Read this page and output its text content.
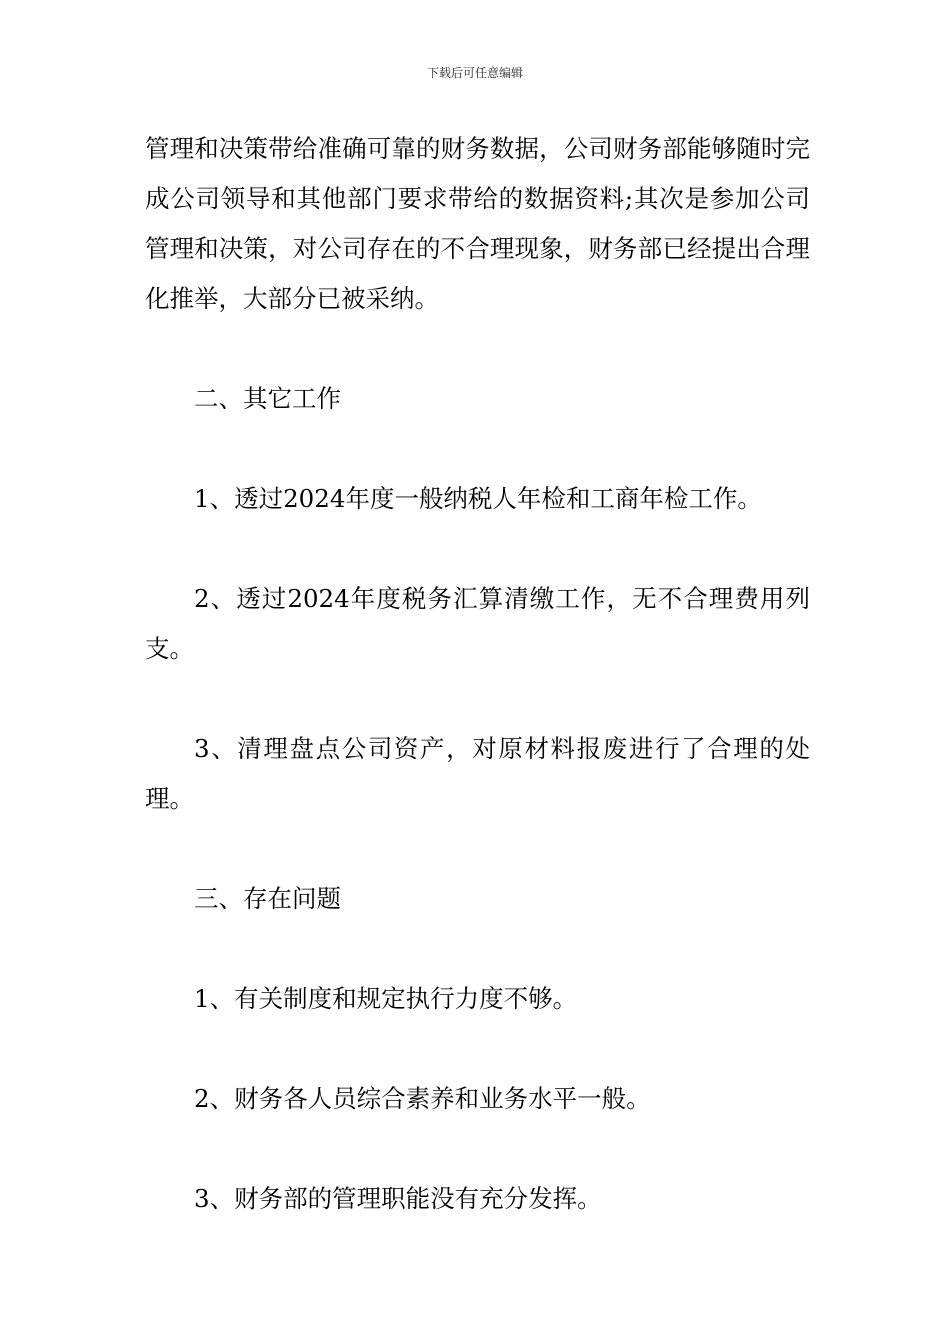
下载后可任意编辑

管理和决策带给准确可靠的财务数据，公司财务部能够随时完成公司领导和其他部门要求带给的数据资料;其次是参加公司管理和决策，对公司存在的不合理现象，财务部已经提出合理化推举，大部分已被采纳。

二、其它工作

1、透过2024年度一般纳税人年检和工商年检工作。

2、透过2024年度税务汇算清缴工作，无不合理费用列支。

3、清理盘点公司资产，对原材料报废进行了合理的处理。

三、存在问题

1、有关制度和规定执行力度不够。

2、财务各人员综合素养和业务水平一般。

3、财务部的管理职能没有充分发挥。
